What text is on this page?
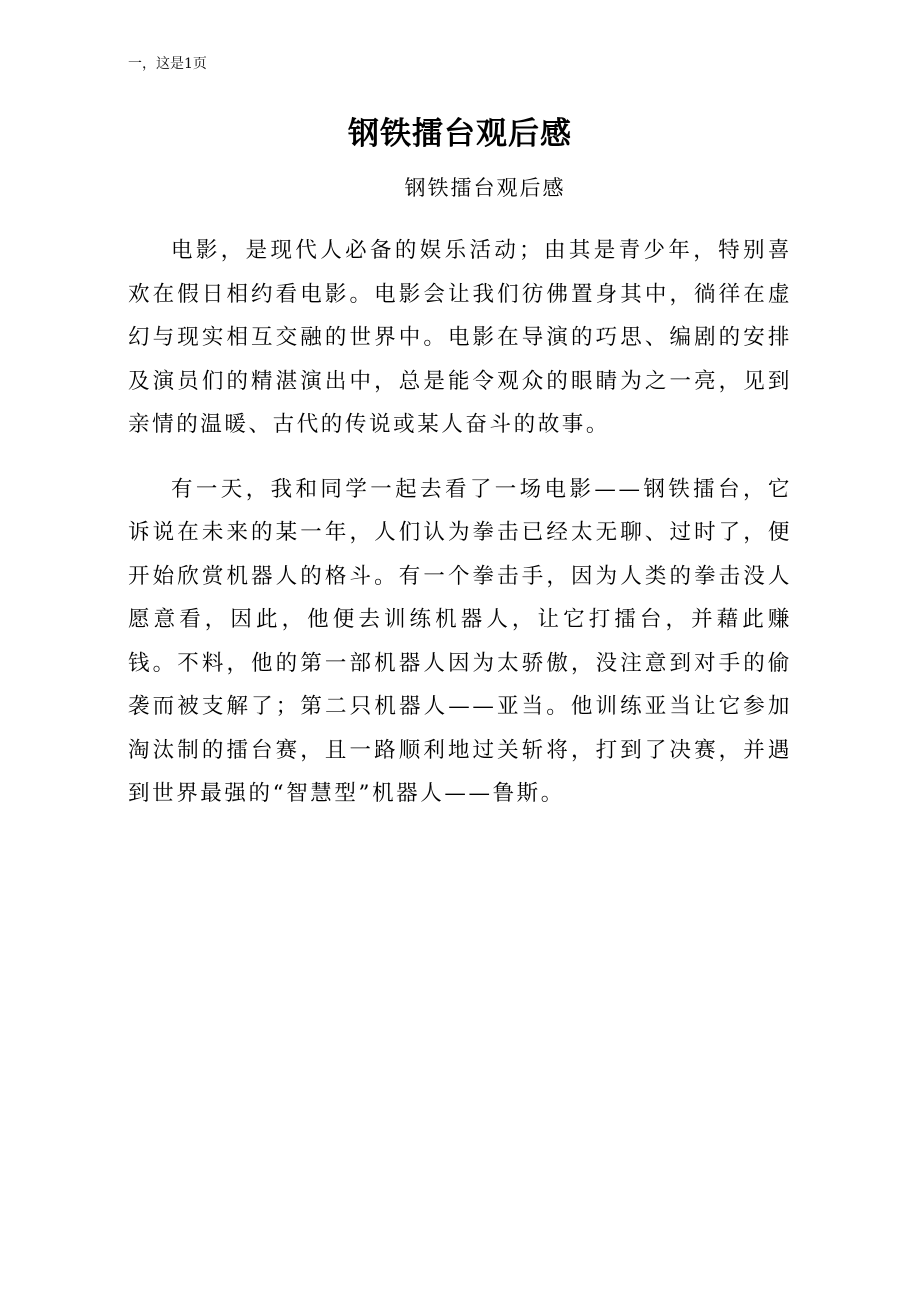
一，这是1页
钢铁擂台观后感
钢铁擂台观后感

电影，是现代人必备的娱乐活动；由其是青少年，特别喜欢在假日相约看电影。电影会让我们彷佛置身其中，徜徉在虚幻与现实相互交融的世界中。电影在导演的巧思、编剧的安排及演员们的精湛演出中，总是能令观众的眼睛为之一亮，见到亲情的温暖、古代的传说或某人奋斗的故事。

有一天，我和同学一起去看了一场电影——钢铁擂台，它诉说在未来的某一年，人们认为拳击已经太无聊、过时了，便开始欣赏机器人的格斗。有一个拳击手，因为人类的拳击没人愿意看，因此，他便去训练机器人，让它打擂台，并藉此赚钱。不料，他的第一部机器人因为太骄傲，没注意到对手的偷袭而被支解了；第二只机器人——亚当。他训练亚当让它参加淘汰制的擂台赛，且一路顺利地过关斩将，打到了决赛，并遇到世界最强的“智慧型”机器人——鲁斯。
